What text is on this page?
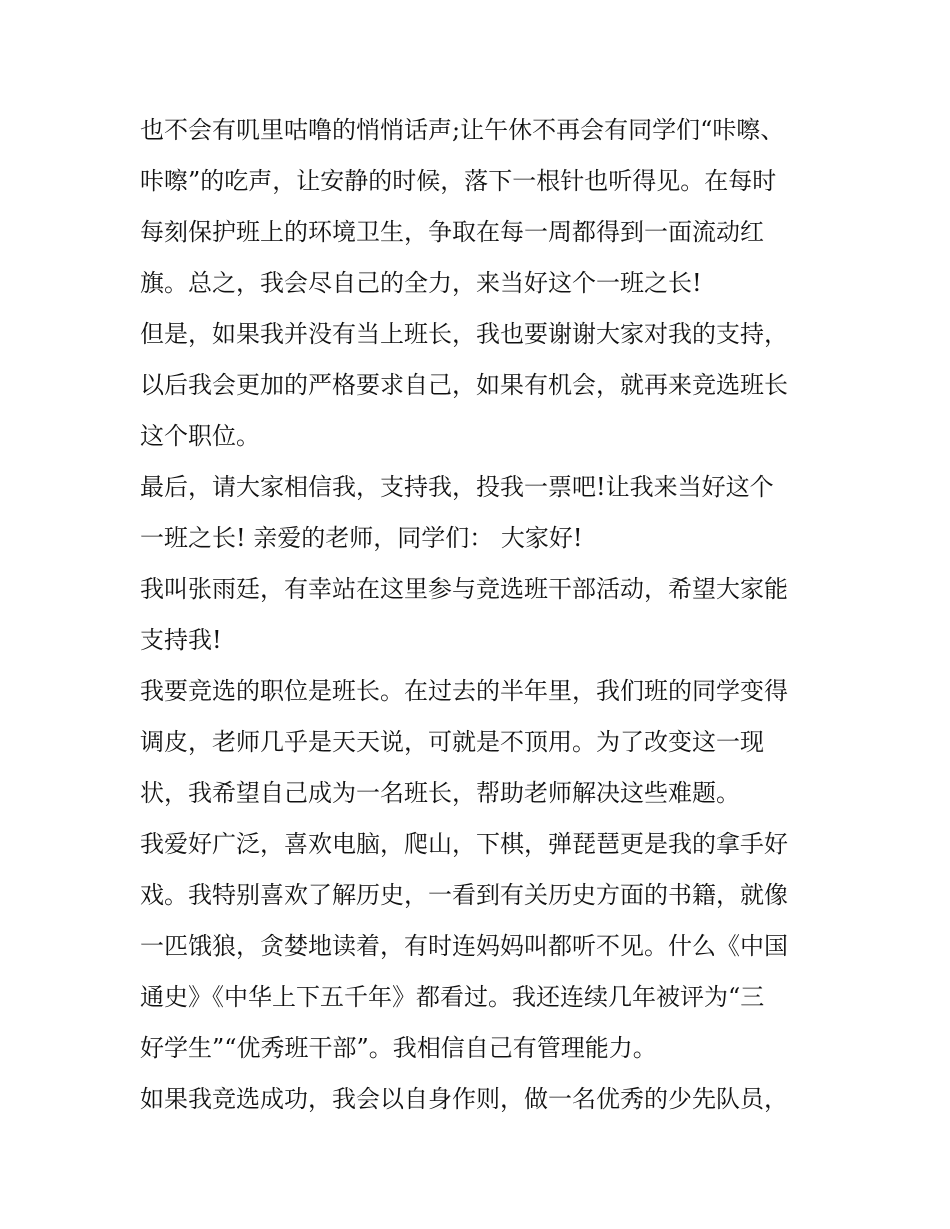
也不会有叽里咕噜的悄悄话声;让午休不再会有同学们“咔嚓、
咔嚓”的吃声，让安静的时候，落下一根针也听得见。在每时
每刻保护班上的环境卫生，争取在每一周都得到一面流动红
旗。总之，我会尽自己的全力，来当好这个一班之长!
但是，如果我并没有当上班长，我也要谢谢大家对我的支持，
以后我会更加的严格要求自己，如果有机会，就再来竞选班长
这个职位。
最后，请大家相信我，支持我，投我一票吧!让我来当好这个
一班之长! 亲爱的老师，同学们： 大家好!
我叫张雨廷，有幸站在这里参与竞选班干部活动，希望大家能
支持我!
我要竞选的职位是班长。在过去的半年里，我们班的同学变得
调皮，老师几乎是天天说，可就是不顶用。为了改变这一现
状，我希望自己成为一名班长，帮助老师解决这些难题。
我爱好广泛，喜欢电脑，爬山，下棋，弹琵琶更是我的拿手好
戏。我特别喜欢了解历史，一看到有关历史方面的书籍，就像
一匹饿狼，贪婪地读着，有时连妈妈叫都听不见。什么《中国
通史》《中华上下五千年》都看过。我还连续几年被评为“三
好学生”“优秀班干部”。我相信自己有管理能力。
如果我竞选成功，我会以自身作则，做一名优秀的少先队员，
